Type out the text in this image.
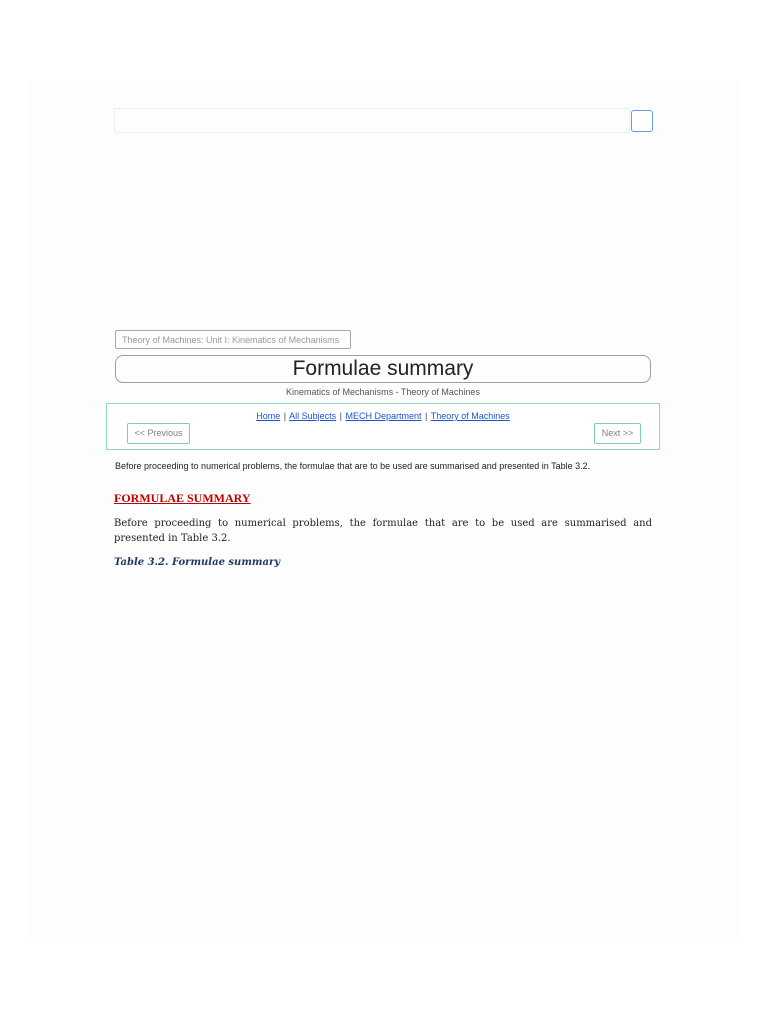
Theory of Machines: Unit I: Kinematics of Mechanisms
Formulae summary
Kinematics of Mechanisms - Theory of Machines
Home | All Subjects | MECH Department | Theory of Machines
<< Previous	Next >>
Before proceeding to numerical problems, the formulae that are to be used are summarised and presented in Table 3.2.
FORMULAE SUMMARY
Before proceeding to numerical problems, the formulae that are to be used are summarised and presented in Table 3.2.
Table 3.2. Formulae summary
